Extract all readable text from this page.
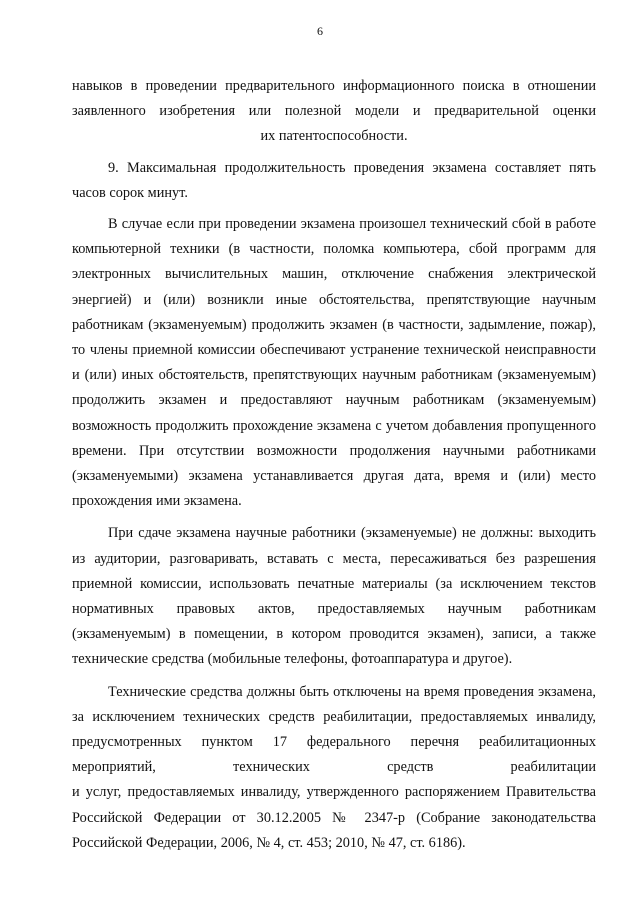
6

навыков в проведении предварительного информационного поиска в отношении заявленного изобретения или полезной модели и предварительной оценки

их патентоспособности.

9. Максимальная продолжительность проведения экзамена составляет пять часов сорок минут.

В случае если при проведении экзамена произошел технический сбой в работе компьютерной техники (в частности, поломка компьютера, сбой программ для электронных вычислительных машин, отключение снабжения электрической энергией) и (или) возникли иные обстоятельства, препятствующие научным работникам (экзаменуемым) продолжить экзамен (в частности, задымление, пожар), то члены приемной комиссии обеспечивают устранение технической неисправности и (или) иных обстоятельств, препятствующих научным работникам (экзаменуемым) продолжить экзамен и предоставляют научным работникам (экзаменуемым) возможность продолжить прохождение экзамена с учетом добавления пропущенного времени. При отсутствии возможности продолжения научными работниками (экзаменуемыми) экзамена устанавливается другая дата, время и (или) место прохождения ими экзамена.

При сдаче экзамена научные работники (экзаменуемые) не должны: выходить из аудитории, разговаривать, вставать с места, пересаживаться без разрешения приемной комиссии, использовать печатные материалы (за исключением текстов нормативных правовых актов, предоставляемых научным работникам (экзаменуемым) в помещении, в котором проводится экзамен), записи, а также технические средства (мобильные телефоны, фотоаппаратура и другое).

Технические средства должны быть отключены на время проведения экзамена, за исключением технических средств реабилитации, предоставляемых инвалиду, предусмотренных пунктом 17 федерального перечня реабилитационных мероприятий, технических средств реабилитации

и услуг, предоставляемых инвалиду, утвержденного распоряжением Правительства Российской Федерации от 30.12.2005 № 2347-р (Собрание законодательства Российской Федерации, 2006, № 4, ст. 453; 2010, № 47, ст. 6186).
